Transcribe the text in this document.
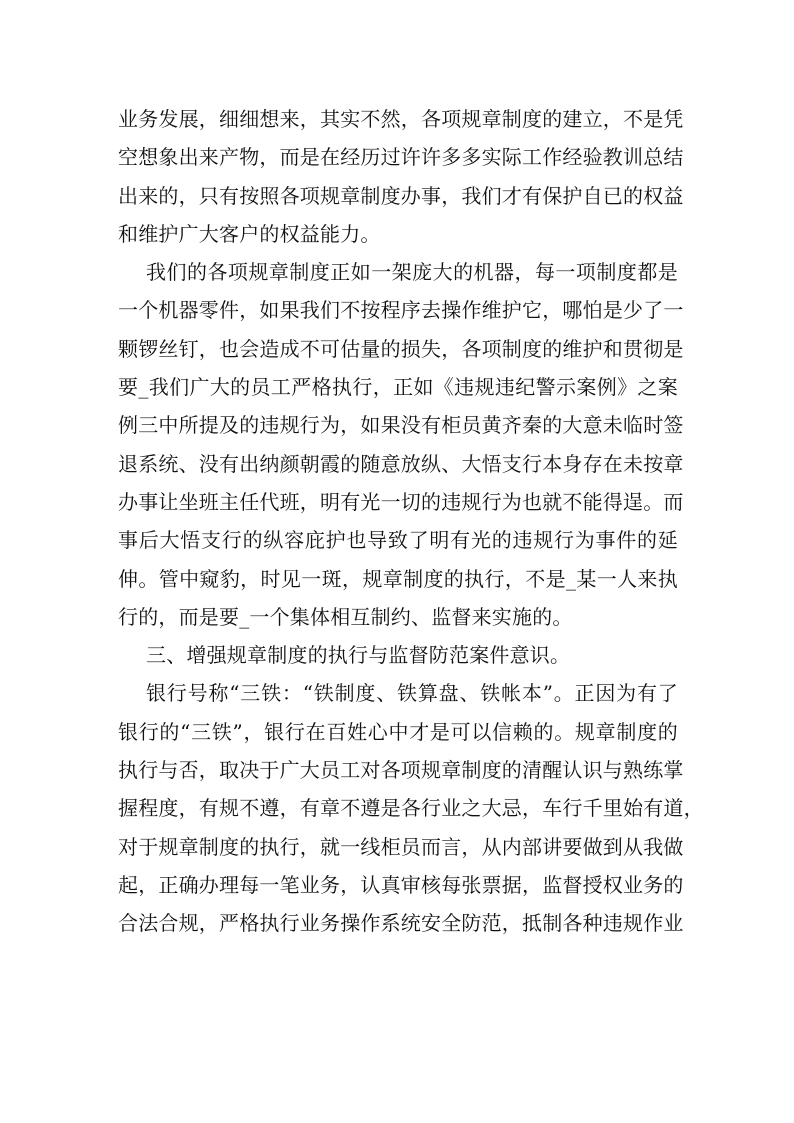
业务发展，细细想来，其实不然，各项规章制度的建立，不是凭
空想象出来产物，而是在经历过许许多多实际工作经验教训总结
出来的，只有按照各项规章制度办事，我们才有保护自已的权益
和维护广大客户的权益能力。
我们的各项规章制度正如一架庞大的机器，每一项制度都是
一个机器零件，如果我们不按程序去操作维护它，哪怕是少了一
颗锣丝钉，也会造成不可估量的损失，各项制度的维护和贯彻是
要_我们广大的员工严格执行，正如《违规违纪警示案例》之案
例三中所提及的违规行为，如果没有柜员黄齐秦的大意未临时签
退系统、没有出纳颜朝霞的随意放纵、大悟支行本身存在未按章
办事让坐班主任代班，明有光一切的违规行为也就不能得逞。而
事后大悟支行的纵容庇护也导致了明有光的违规行为事件的延
伸。管中窥豹，时见一斑，规章制度的执行，不是_某一人来执
行的，而是要_一个集体相互制约、监督来实施的。
三、增强规章制度的执行与监督防范案件意识。
银行号称“三铁：“铁制度、铁算盘、铁帐本”。正因为有了
银行的“三铁”，银行在百姓心中才是可以信赖的。规章制度的
执行与否，取决于广大员工对各项规章制度的清醒认识与熟练掌
握程度，有规不遵，有章不遵是各行业之大忌，车行千里始有道，
对于规章制度的执行，就一线柜员而言，从内部讲要做到从我做
起，正确办理每一笔业务，认真审核每张票据，监督授权业务的
合法合规，严格执行业务操作系统安全防范，抵制各种违规作业
